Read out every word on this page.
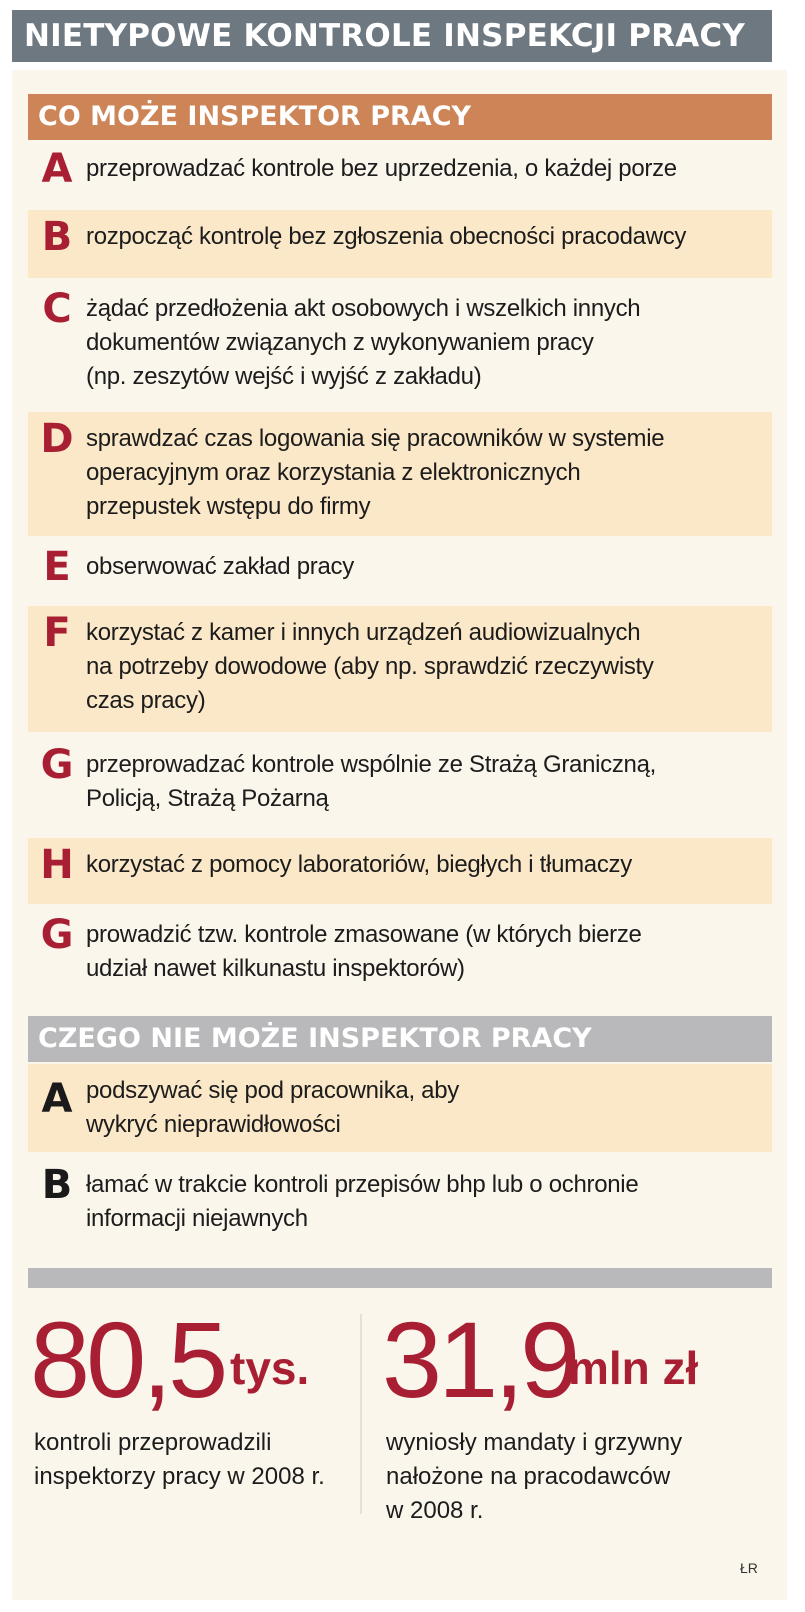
NIETYPOWE KONTROLE INSPEKCJI PRACY
CO MOŻE INSPEKTOR PRACY
A przeprowadzać kontrole bez uprzedzenia, o każdej porze
B rozpocząć kontrolę bez zgłoszenia obecności pracodawcy
C żądać przedłożenia akt osobowych i wszelkich innych
dokumentów związanych z wykonywaniem pracy
(np. zeszytów wejść i wyjść z zakładu)
D sprawdzać czas logowania się pracowników w systemie
operacyjnym oraz korzystania z elektronicznych
przepustek wstępu do firmy
E obserwować zakład pracy
F korzystać z kamer i innych urządzeń audiowizualnych
na potrzeby dowodowe (aby np. sprawdzić rzeczywisty
czas pracy)
G przeprowadzać kontrole wspólnie ze Strażą Graniczną,
Policją, Strażą Pożarną
H korzystać z pomocy laboratoriów, biegłych i tłumaczy
G prowadzić tzw. kontrole zmasowane (w których bierze
udział nawet kilkunastu inspektorów)
CZEGO NIE MOŻE INSPEKTOR PRACY
A podszywać się pod pracownika, aby
wykryć nieprawidłowości
B łamać w trakcie kontroli przepisów bhp lub o ochronie
informacji niejawnych
80,5 tys.
kontroli przeprowadzili
inspektorzy pracy w 2008 r.
31,9
mln zł
wyniosły mandaty i grzywny
nałożone na pracodawców
w 2008 r.
ŁR
